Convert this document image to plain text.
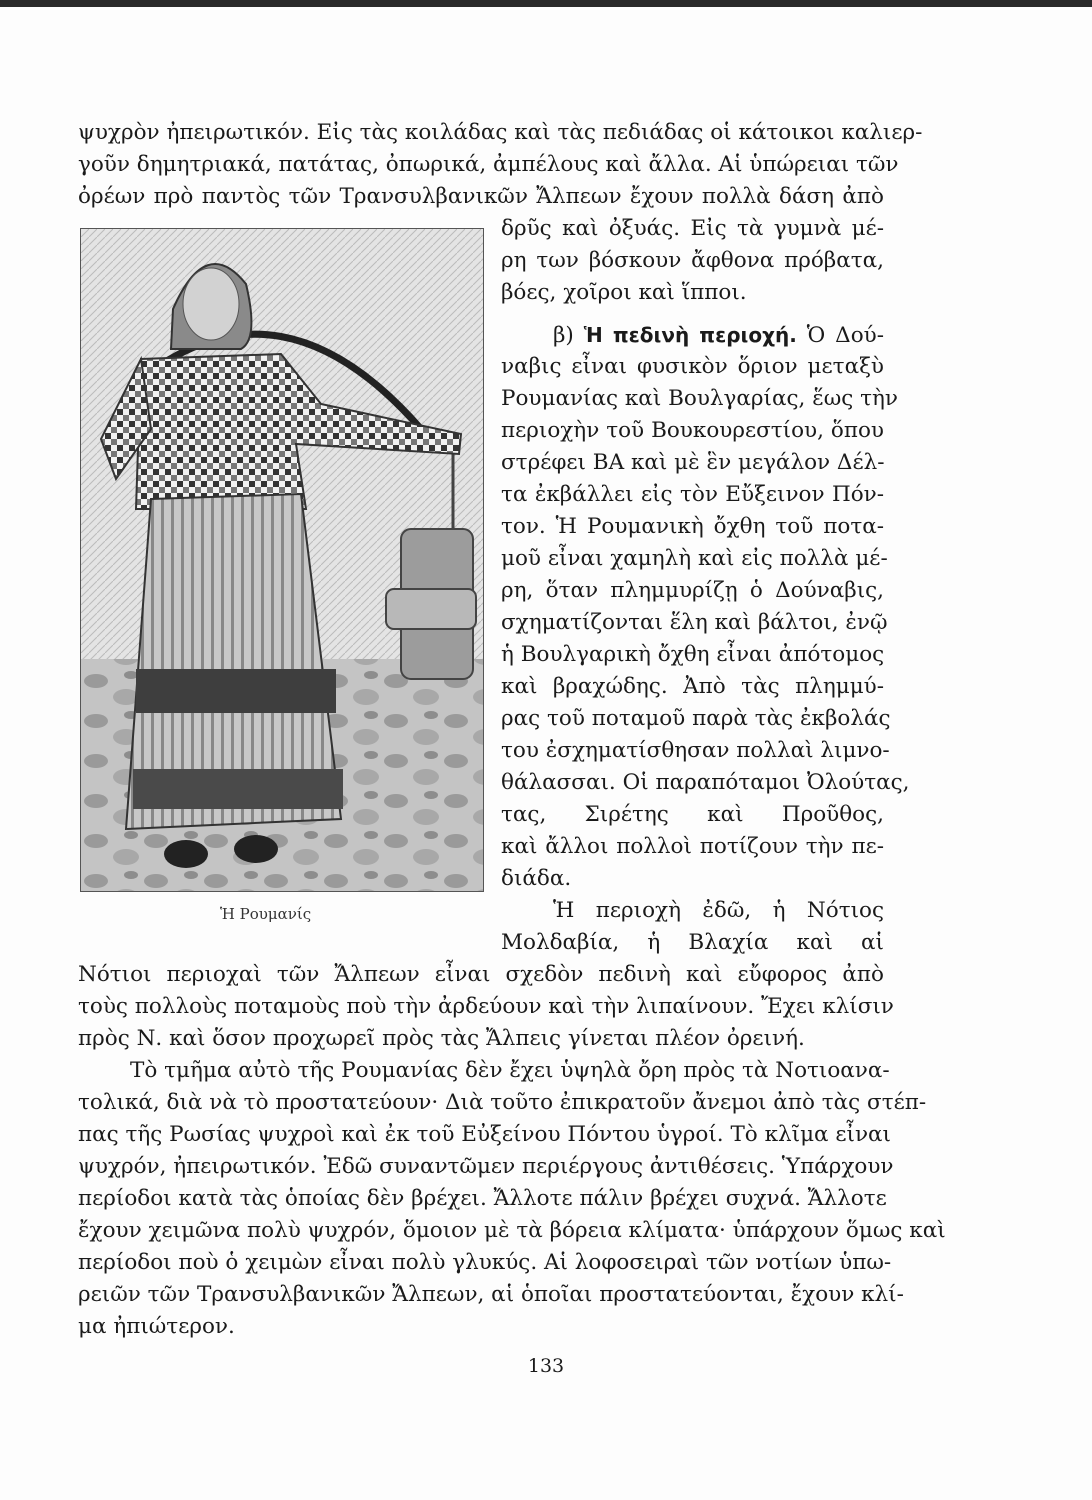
ψυχρὸν ἠπειρωτικόν. Εἰς τὰς κοιλάδας καὶ τὰς πεδιάδας οἱ κάτοικοι καλιερ-
γοῦν δημητριακά, πατάτας, ὀπωρικά, ἀμπέλους καὶ ἄλλα. Αἱ ὑπώρειαι τῶν
ὀρέων πρὸ παντὸς τῶν Τρανσυλβανικῶν Ἄλπεων ἔχουν πολλὰ δάση ἀπὸ
Ἡ Ρουμανίς
δρῦς καὶ ὀξυάς. Εἰς τὰ γυμνὰ μέ-
ρη των βόσκουν ἄφθονα πρόβατα,
βόες, χοῖροι καὶ ἵπποι.
β) Ἡ πεδινὴ περιοχή. Ὁ Δού-
ναβις εἶναι φυσικὸν ὅριον μεταξὺ
Ρουμανίας καὶ Βουλγαρίας, ἕως τὴν
περιοχὴν τοῦ Βουκουρεστίου, ὅπου
στρέφει ΒΑ καὶ μὲ ἓν μεγάλον Δέλ-
τα ἐκβάλλει εἰς τὸν Εὔξεινον Πόν-
τον. Ἡ Ρουμανικὴ ὄχθη τοῦ ποτα-
μοῦ εἶναι χαμηλὴ καὶ εἰς πολλὰ μέ-
ρη, ὅταν πλημμυρίζῃ ὁ Δούναβις,
σχηματίζονται ἕλη καὶ βάλτοι, ἐνῷ
ἡ Βουλγαρικὴ ὄχθη εἶναι ἀπότομος
καὶ βραχώδης. Ἀπὸ τὰς πλημμύ-
ρας τοῦ ποταμοῦ παρὰ τὰς ἐκβολάς
του ἐσχηματίσθησαν πολλαὶ λιμνο-
θάλασσαι. Οἱ παραπόταμοι Ὀλούτας,
τας, Σιρέτης καὶ Προῦθος,
καὶ ἄλλοι πολλοὶ ποτίζουν τὴν πε-
διάδα.
Ἡ περιοχὴ ἐδῶ, ἡ Νότιος
Μολδαβία, ἡ Βλαχία καὶ αἱ
Νότιοι περιοχαὶ τῶν Ἄλπεων εἶναι σχεδὸν πεδινὴ καὶ εὔφορος ἀπὸ
τοὺς πολλοὺς ποταμοὺς ποὺ τὴν ἀρδεύουν καὶ τὴν λιπαίνουν. Ἔχει κλίσιν
πρὸς Ν. καὶ ὅσον προχωρεῖ πρὸς τὰς Ἄλπεις γίνεται πλέον ὀρεινή.
Τὸ τμῆμα αὐτὸ τῆς Ρουμανίας δὲν ἔχει ὑψηλὰ ὄρη πρὸς τὰ Νοτιοανα-
τολικά, διὰ νὰ τὸ προστατεύουν· Διὰ τοῦτο ἐπικρατοῦν ἄνεμοι ἀπὸ τὰς στέπ-
πας τῆς Ρωσίας ψυχροὶ καὶ ἐκ τοῦ Εὐξείνου Πόντου ὑγροί. Τὸ κλῖμα εἶναι
ψυχρόν, ἠπειρωτικόν. Ἐδῶ συναντῶμεν περιέργους ἀντιθέσεις. Ὑπάρχουν
περίοδοι κατὰ τὰς ὁποίας δὲν βρέχει. Ἄλλοτε πάλιν βρέχει συχνά. Ἄλλοτε
ἔχουν χειμῶνα πολὺ ψυχρόν, ὅμοιον μὲ τὰ βόρεια κλίματα· ὑπάρχουν ὅμως καὶ
περίοδοι ποὺ ὁ χειμὼν εἶναι πολὺ γλυκύς. Αἱ λοφοσειραὶ τῶν νοτίων ὑπω-
ρειῶν τῶν Τρανσυλβανικῶν Ἄλπεων, αἱ ὁποῖαι προστατεύονται, ἔχουν κλί-
μα ἠπιώτερον.
133
